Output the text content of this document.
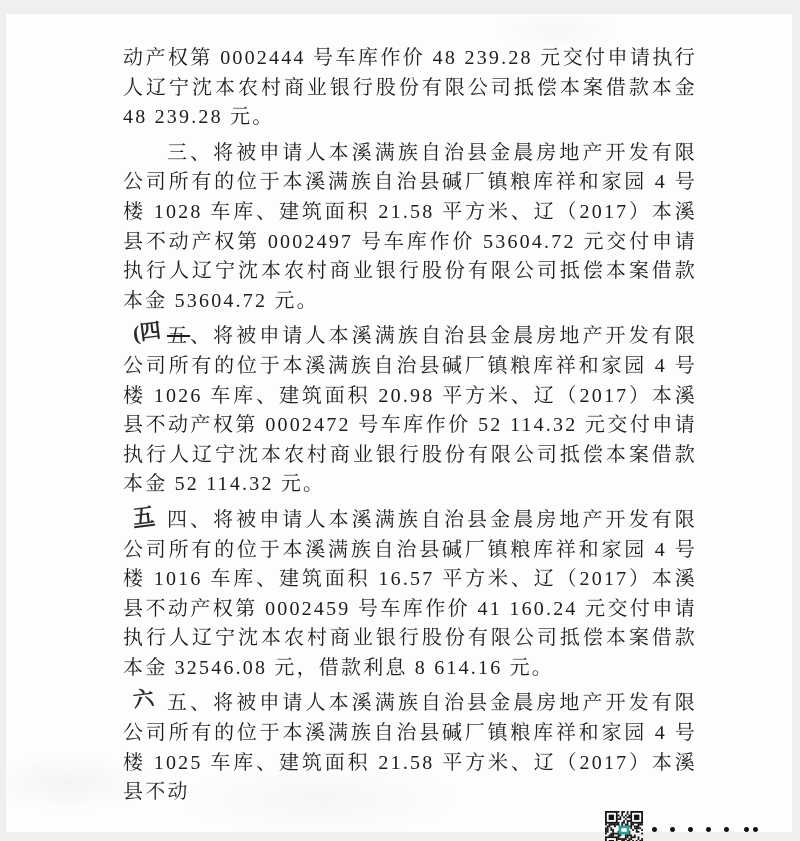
动产权第 0002444 号车库作价 48 239.28 元交付申请执行人辽宁沈本农村商业银行股份有限公司抵偿本案借款本金 48 239.28 元。

三、将被申请人本溪满族自治县金晨房地产开发有限公司所有的位于本溪满族自治县碱厂镇粮库祥和家园 4 号楼 1028 车库、建筑面积 21.58 平方米、辽（2017）本溪县不动产权第 0002497 号车库作价 53604.72 元交付申请执行人辽宁沈本农村商业银行股份有限公司抵偿本案借款本金 53604.72 元。

(四 五、将被申请人本溪满族自治县金晨房地产开发有限公司所有的位于本溪满族自治县碱厂镇粮库祥和家园 4 号楼 1026 车库、建筑面积 20.98 平方米、辽（2017）本溪县不动产权第 0002472 号车库作价 52 114.32 元交付申请执行人辽宁沈本农村商业银行股份有限公司抵偿本案借款本金 52 114.32 元。

五 四、将被申请人本溪满族自治县金晨房地产开发有限公司所有的位于本溪满族自治县碱厂镇粮库祥和家园 4 号楼 1016 车库、建筑面积 16.57 平方米、辽（2017）本溪县不动产权第 0002459 号车库作价 41 160.24 元交付申请执行人辽宁沈本农村商业银行股份有限公司抵偿本案借款本金 32546.08 元，借款利息 8 614.16 元。

六 五、将被申请人本溪满族自治县金晨房地产开发有限公司所有的位于本溪满族自治县碱厂镇粮库祥和家园 4 号楼 1025 车库、建筑面积 21.58 平方米、辽（2017）本溪县不动
